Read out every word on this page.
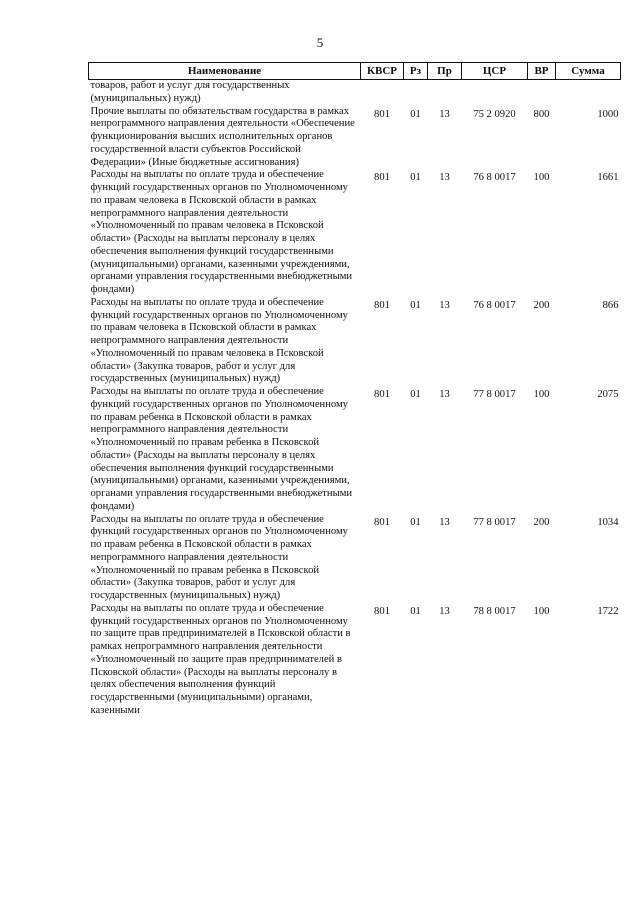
5
Наименование	КВСР	Рз	Пр	ЦСР	ВР	Сумма
товаров, работ и услуг для государственных (муниципальных) нужд)						
Прочие выплаты по обязательствам государства в рамках непрограммного направления деятельности «Обеспечение функционирования высших исполнительных органов государственной власти субъектов Российской Федерации» (Иные бюджетные ассигнования)	801	01	13	75 2 0920	800	1000
Расходы на выплаты по оплате труда и обеспечение функций государственных органов по Уполномоченному по правам человека в Псковской области в рамках непрограммного направления деятельности «Уполномоченный по правам человека в Псковской области» (Расходы на выплаты персоналу в целях обеспечения выполнения функций государственными (муниципальными) органами, казенными учреждениями, органами управления государственными внебюджетными фондами)	801	01	13	76 8 0017	100	1661
Расходы на выплаты по оплате труда и обеспечение функций государственных органов по Уполномоченному по правам человека в Псковской области в рамках непрограммного направления деятельности «Уполномоченный по правам человека в Псковской области» (Закупка товаров, работ и услуг для государственных (муниципальных) нужд)	801	01	13	76 8 0017	200	866
Расходы на выплаты по оплате труда и обеспечение функций государственных органов по Уполномоченному по правам ребенка в Псковской области в рамках непрограммного направления деятельности «Уполномоченный по правам ребенка в Псковской области» (Расходы на выплаты персоналу в целях обеспечения выполнения функций государственными (муниципальными) органами, казенными учреждениями, органами управления государственными внебюджетными фондами)	801	01	13	77 8 0017	100	2075
Расходы на выплаты по оплате труда и обеспечение функций государственных органов по Уполномоченному по правам ребенка в Псковской области в рамках непрограммного направления деятельности «Уполномоченный по правам ребенка в Псковской области» (Закупка товаров, работ и услуг для государственных (муниципальных) нужд)	801	01	13	77 8 0017	200	1034
Расходы на выплаты по оплате труда и обеспечение функций государственных органов по Уполномоченному по защите прав предпринимателей в Псковской области в рамках непрограммного направления деятельности «Уполномоченный по защите прав предпринимателей в Псковской области» (Расходы на выплаты персоналу в целях обеспечения выполнения функций государственными (муниципальными) органами, казенными	801	01	13	78 8 0017	100	1722
